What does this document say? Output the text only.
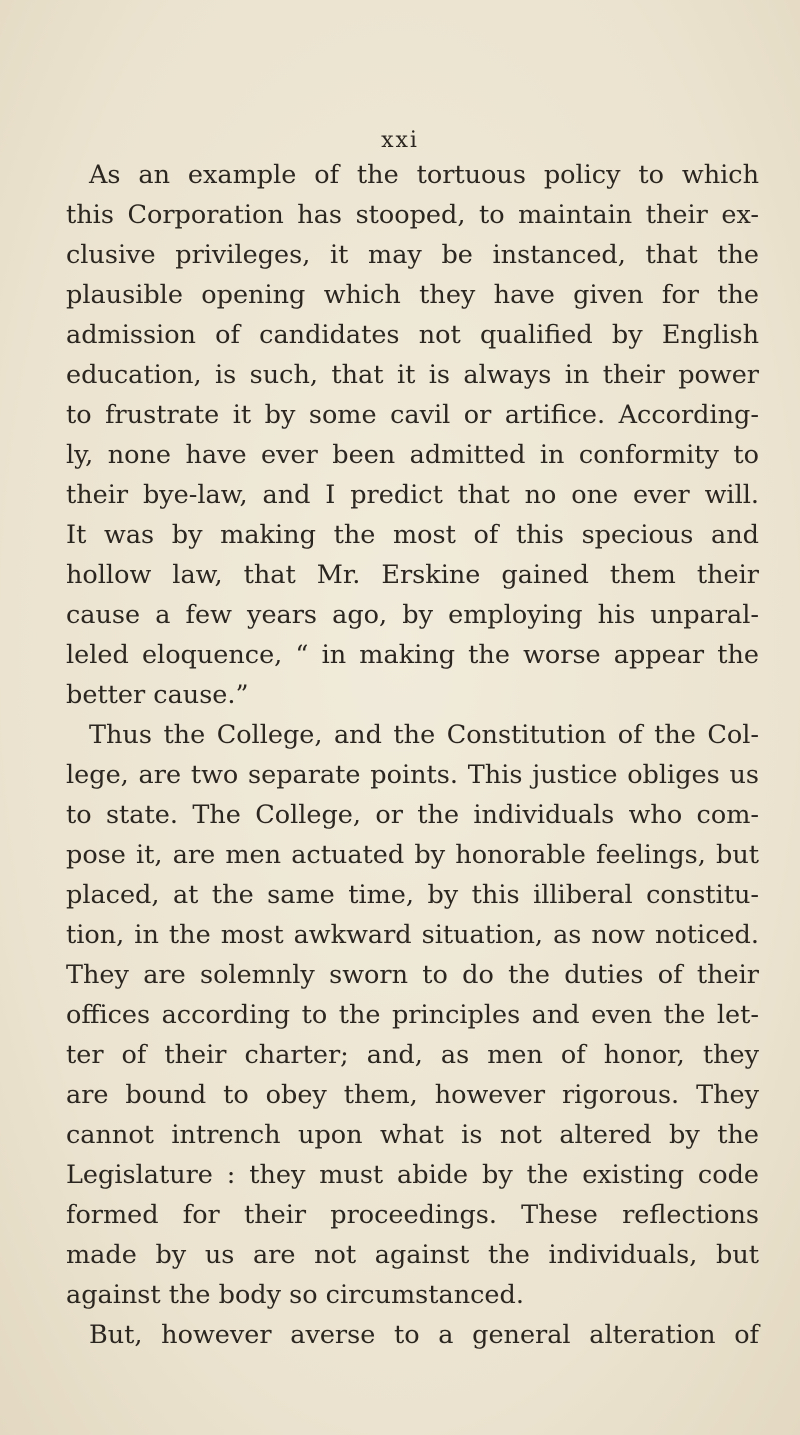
xxi
As an example of the tortuous policy to which
this Corporation has stooped, to maintain their ex-
clusive privileges, it may be instanced, that the
plausible opening which they have given for the
admission of candidates not qualified by English
education, is such, that it is always in their power
to frustrate it by some cavil or artifice. According-
ly, none have ever been admitted in conformity to
their bye-law, and I predict that no one ever will.
It was by making the most of this specious and
hollow law, that Mr. Erskine gained them their
cause a few years ago, by employing his unparal-
leled eloquence, “ in making the worse appear the
better cause.”
Thus the College, and the Constitution of the Col-
lege, are two separate points. This justice obliges us
to state. The College, or the individuals who com-
pose it, are men actuated by honorable feelings, but
placed, at the same time, by this illiberal constitu-
tion, in the most awkward situation, as now noticed.
They are solemnly sworn to do the duties of their
offices according to the principles and even the let-
ter of their charter; and, as men of honor, they
are bound to obey them, however rigorous. They
cannot intrench upon what is not altered by the
Legislature : they must abide by the existing code
formed for their proceedings. These reflections
made by us are not against the individuals, but
against the body so circumstanced.
But, however averse to a general alteration of
